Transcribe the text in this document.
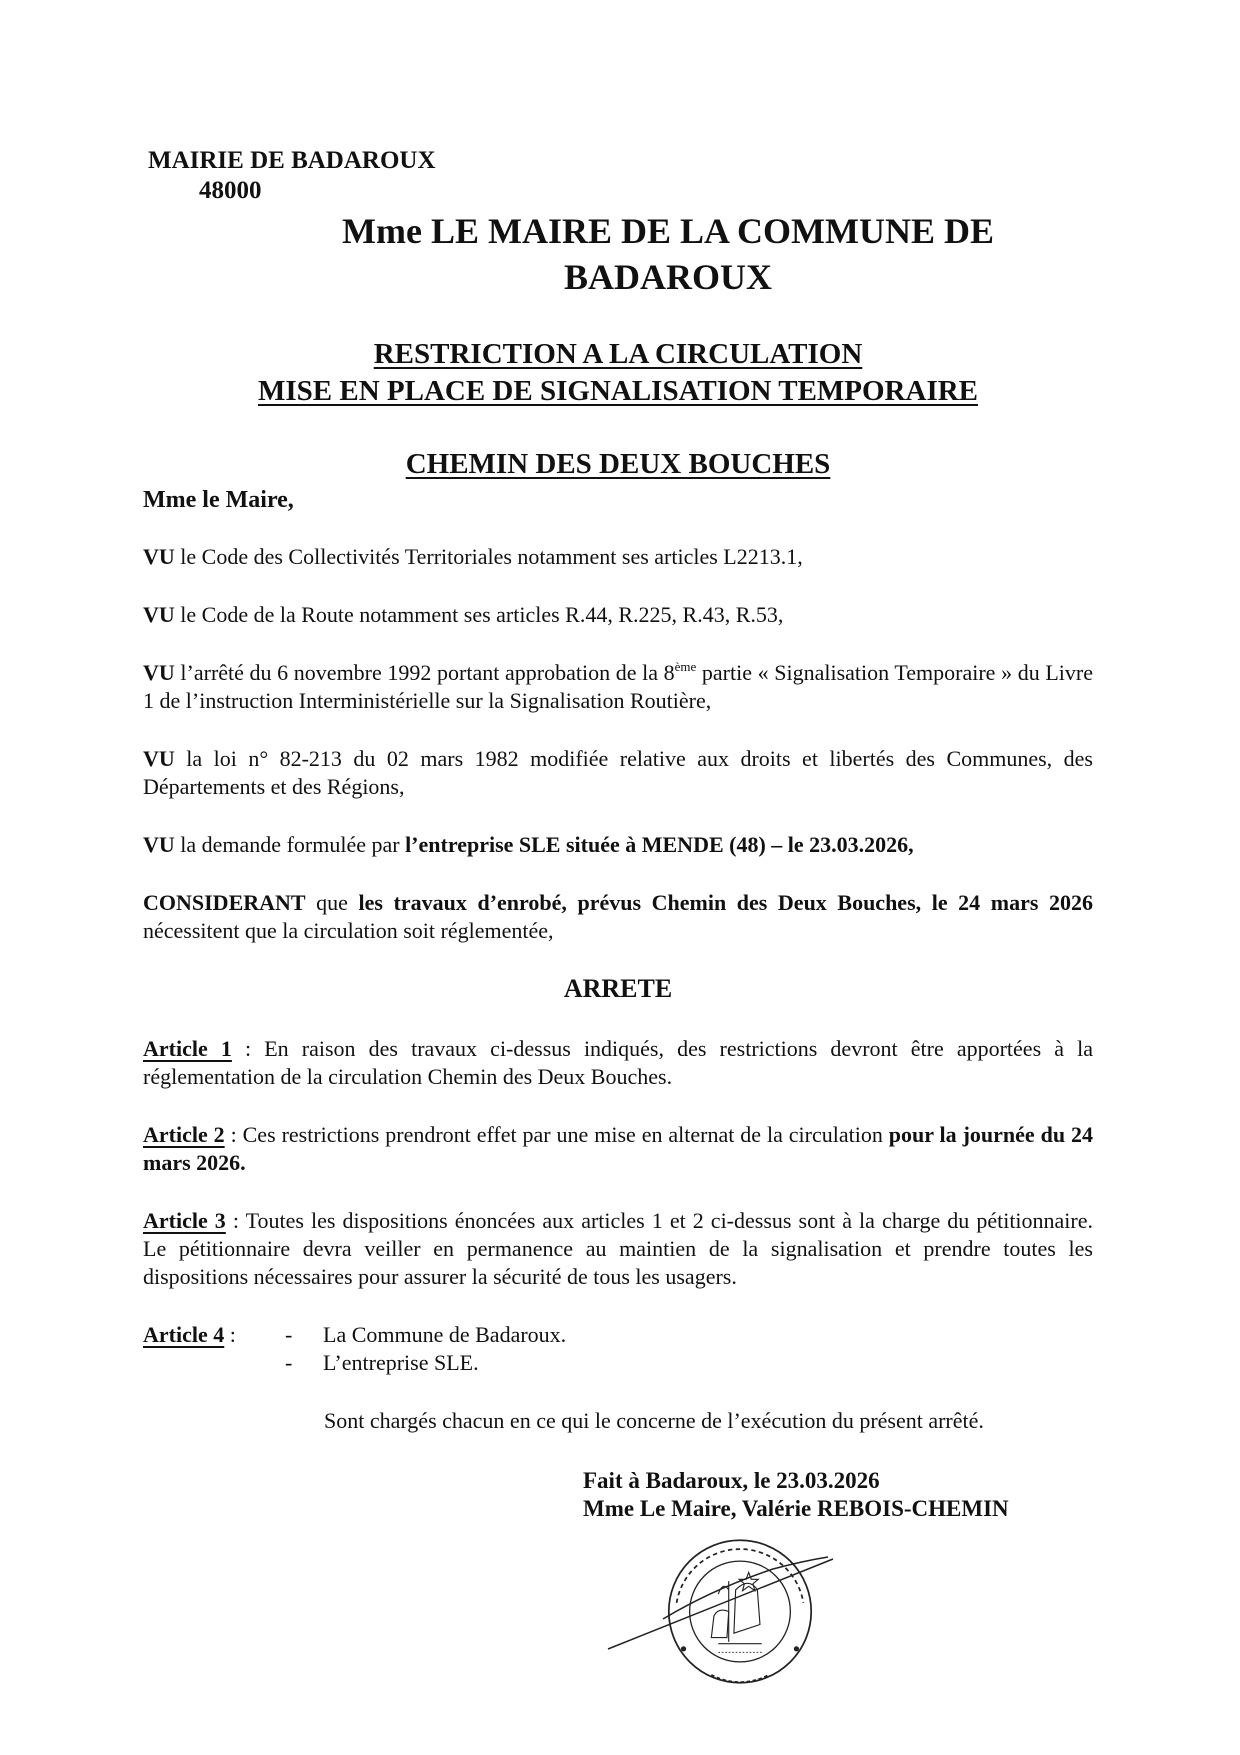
MAIRIE DE BADAROUX
48000
Mme LE MAIRE DE LA COMMUNE DE
BADAROUX
RESTRICTION A LA CIRCULATION
MISE EN PLACE DE SIGNALISATION TEMPORAIRE
CHEMIN DES DEUX BOUCHES
Mme le Maire,
VU le Code des Collectivités Territoriales notamment ses articles L2213.1,
VU le Code de la Route notamment ses articles R.44, R.225, R.43, R.53,
VU l’arrêté du 6 novembre 1992 portant approbation de la 8ème partie « Signalisation Temporaire » du Livre 1 de l’instruction Interministérielle sur la Signalisation Routière,
VU la loi n° 82-213 du 02 mars 1982 modifiée relative aux droits et libertés des Communes, des Départements et des Régions,
VU la demande formulée par l’entreprise SLE située à MENDE (48) – le 23.03.2026,
CONSIDERANT que les travaux d’enrobé, prévus Chemin des Deux Bouches, le 24 mars 2026 nécessitent que la circulation soit réglementée,
ARRETE
Article 1 : En raison des travaux ci-dessus indiqués, des restrictions devront être apportées à la réglementation de la circulation Chemin des Deux Bouches.
Article 2 : Ces restrictions prendront effet par une mise en alternat de la circulation pour la journée du 24 mars 2026.
Article 3 : Toutes les dispositions énoncées aux articles 1 et 2 ci-dessus sont à la charge du pétitionnaire. Le pétitionnaire devra veiller en permanence au maintien de la signalisation et prendre toutes les dispositions nécessaires pour assurer la sécurité de tous les usagers.
Article 4 :	- La Commune de Badaroux.
- L’entreprise SLE.
Sont chargés chacun en ce qui le concerne de l’exécution du présent arrêté.
Fait à Badaroux, le 23.03.2026
Mme Le Maire, Valérie REBOIS-CHEMIN
